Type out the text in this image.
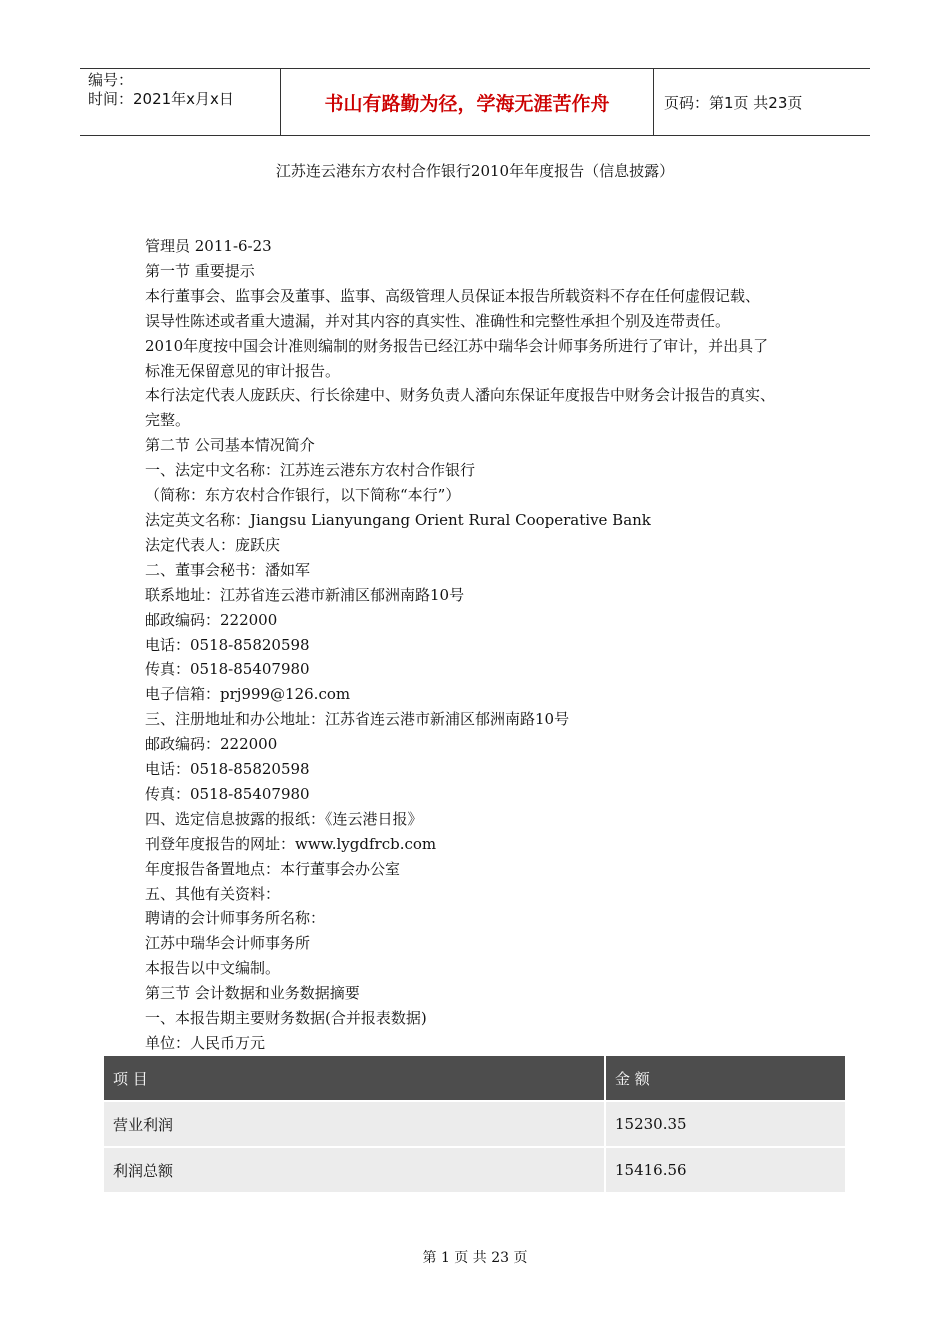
编号：
时间：2021年x月x日	书山有路勤为径，学海无涯苦作舟	页码：第1页 共23页
江苏连云港东方农村合作银行2010年年度报告（信息披露）

管理员 2011-6-23

第一节 重要提示

本行董事会、监事会及董事、监事、高级管理人员保证本报告所载资料不存在任何虚假记载、

误导性陈述或者重大遗漏，并对其内容的真实性、准确性和完整性承担个别及连带责任。

2010年度按中国会计准则编制的财务报告已经江苏中瑞华会计师事务所进行了审计，并出具了

标准无保留意见的审计报告。

本行法定代表人庞跃庆、行长徐建中、财务负责人潘向东保证年度报告中财务会计报告的真实、

完整。

第二节 公司基本情况简介

一、法定中文名称：江苏连云港东方农村合作银行

（简称：东方农村合作银行，以下简称“本行”）

法定英文名称：Jiangsu Lianyungang Orient Rural Cooperative Bank

法定代表人：庞跃庆

二、董事会秘书：潘如军

联系地址：江苏省连云港市新浦区郁洲南路10号

邮政编码：222000

电话：0518-85820598

传真：0518-85407980

电子信箱：prj999@126.com

三、注册地址和办公地址：江苏省连云港市新浦区郁洲南路10号

邮政编码：222000

电话：0518-85820598

传真：0518-85407980

四、选定信息披露的报纸：《连云港日报》

刊登年度报告的网址：www.lygdfrcb.com

年度报告备置地点：本行董事会办公室

五、其他有关资料：

聘请的会计师事务所名称：

江苏中瑞华会计师事务所

本报告以中文编制。

第三节 会计数据和业务数据摘要

一、本报告期主要财务数据(合并报表数据)

单位：人民币万元

项 目	金 额
营业利润	15230.35
利润总额	15416.56
第 1 页 共 23 页
